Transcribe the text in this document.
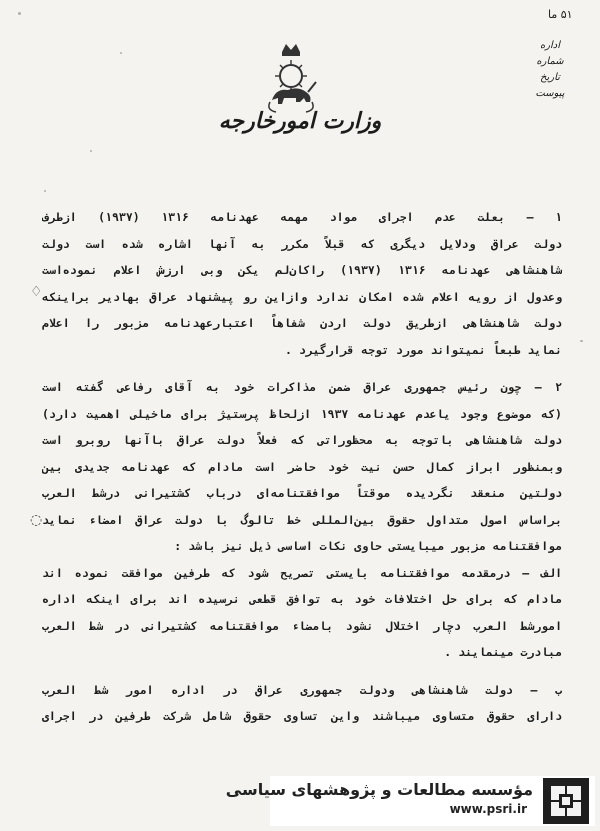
۵۱ ما
اداره
شماره
تاریخ
پیوست
وزارت امورخارجه
۱ – بعلت عدم اجرای مواد مهمه عهدنامه ۱۳۱۶ (۱۹۳۷) ازطرف
دولت عراق ودلایل دیگری که قبلاً مکرر به آنها اشاره شده است دولت
شاهنشاهی عهدنامه ۱۳۱۶ (۱۹۳۷) راکان‌لم یکن وبی ارزش اعلام نموده‌است
وعدول از رویه اعلام شده امکان ندارد وازاین رو پیشنهاد عراق بهادیر براینکه
دولت شاهنشاهی ازطریق دولت اردن شفاهاً اعتبارعهدنامه مزبور را اعلام
نماید طبعاً نمیتواند مورد توجه قرارگیرد .
۲ – چون رئیس جمهوری عراق ضمن مذاکرات خود به آقای رفاعی گفته است
(که موضوع وجود یاعدم عهدنامه ۱۹۳۷ ازلحاظ پرستیژ برای ماخیلی اهمیت دارد)
دولت شاهنشاهی باتوجه به محظوراتی که فعلاً دولت عراق باآنها روبرو است
وبمنظور ابراز کمال حسن نیت خود حاضر است مادام که عهدنامه جدیدی بین
دولتین منعقد نگردیده موقتاً موافقتنامه‌ای درباب کشتیرانی درشط العرب
براساس اصول متداول حقوق بین‌المللی خط تالوگ با دولت عراق امضاء نماید
موافقتنامه مزبور میبایستی حاوی نکات اساسی ذیل نیز باشد :
الف – درمقدمه موافقتنامه بایستی تصریح شود که طرفین موافقت نموده اند
مادام که برای حل اختلافات خود به توافق قطعی نرسیده اند برای اینکه اداره
امورشط العرب دچار اختلال نشود بامضاء موافقتنامه کشتیرانی در شط العرب
مبادرت مینمایند .
ب – دولت شاهنشاهی ودولت جمهوری عراق در اداره امور شط العرب
دارای حقوق متساوی میباشند واین تساوی حقوق شامل شرکت طرفین در اجرای
♢
◌
مؤسسه مطالعات و پژوهشهای سیاسی
www.psri.ir
